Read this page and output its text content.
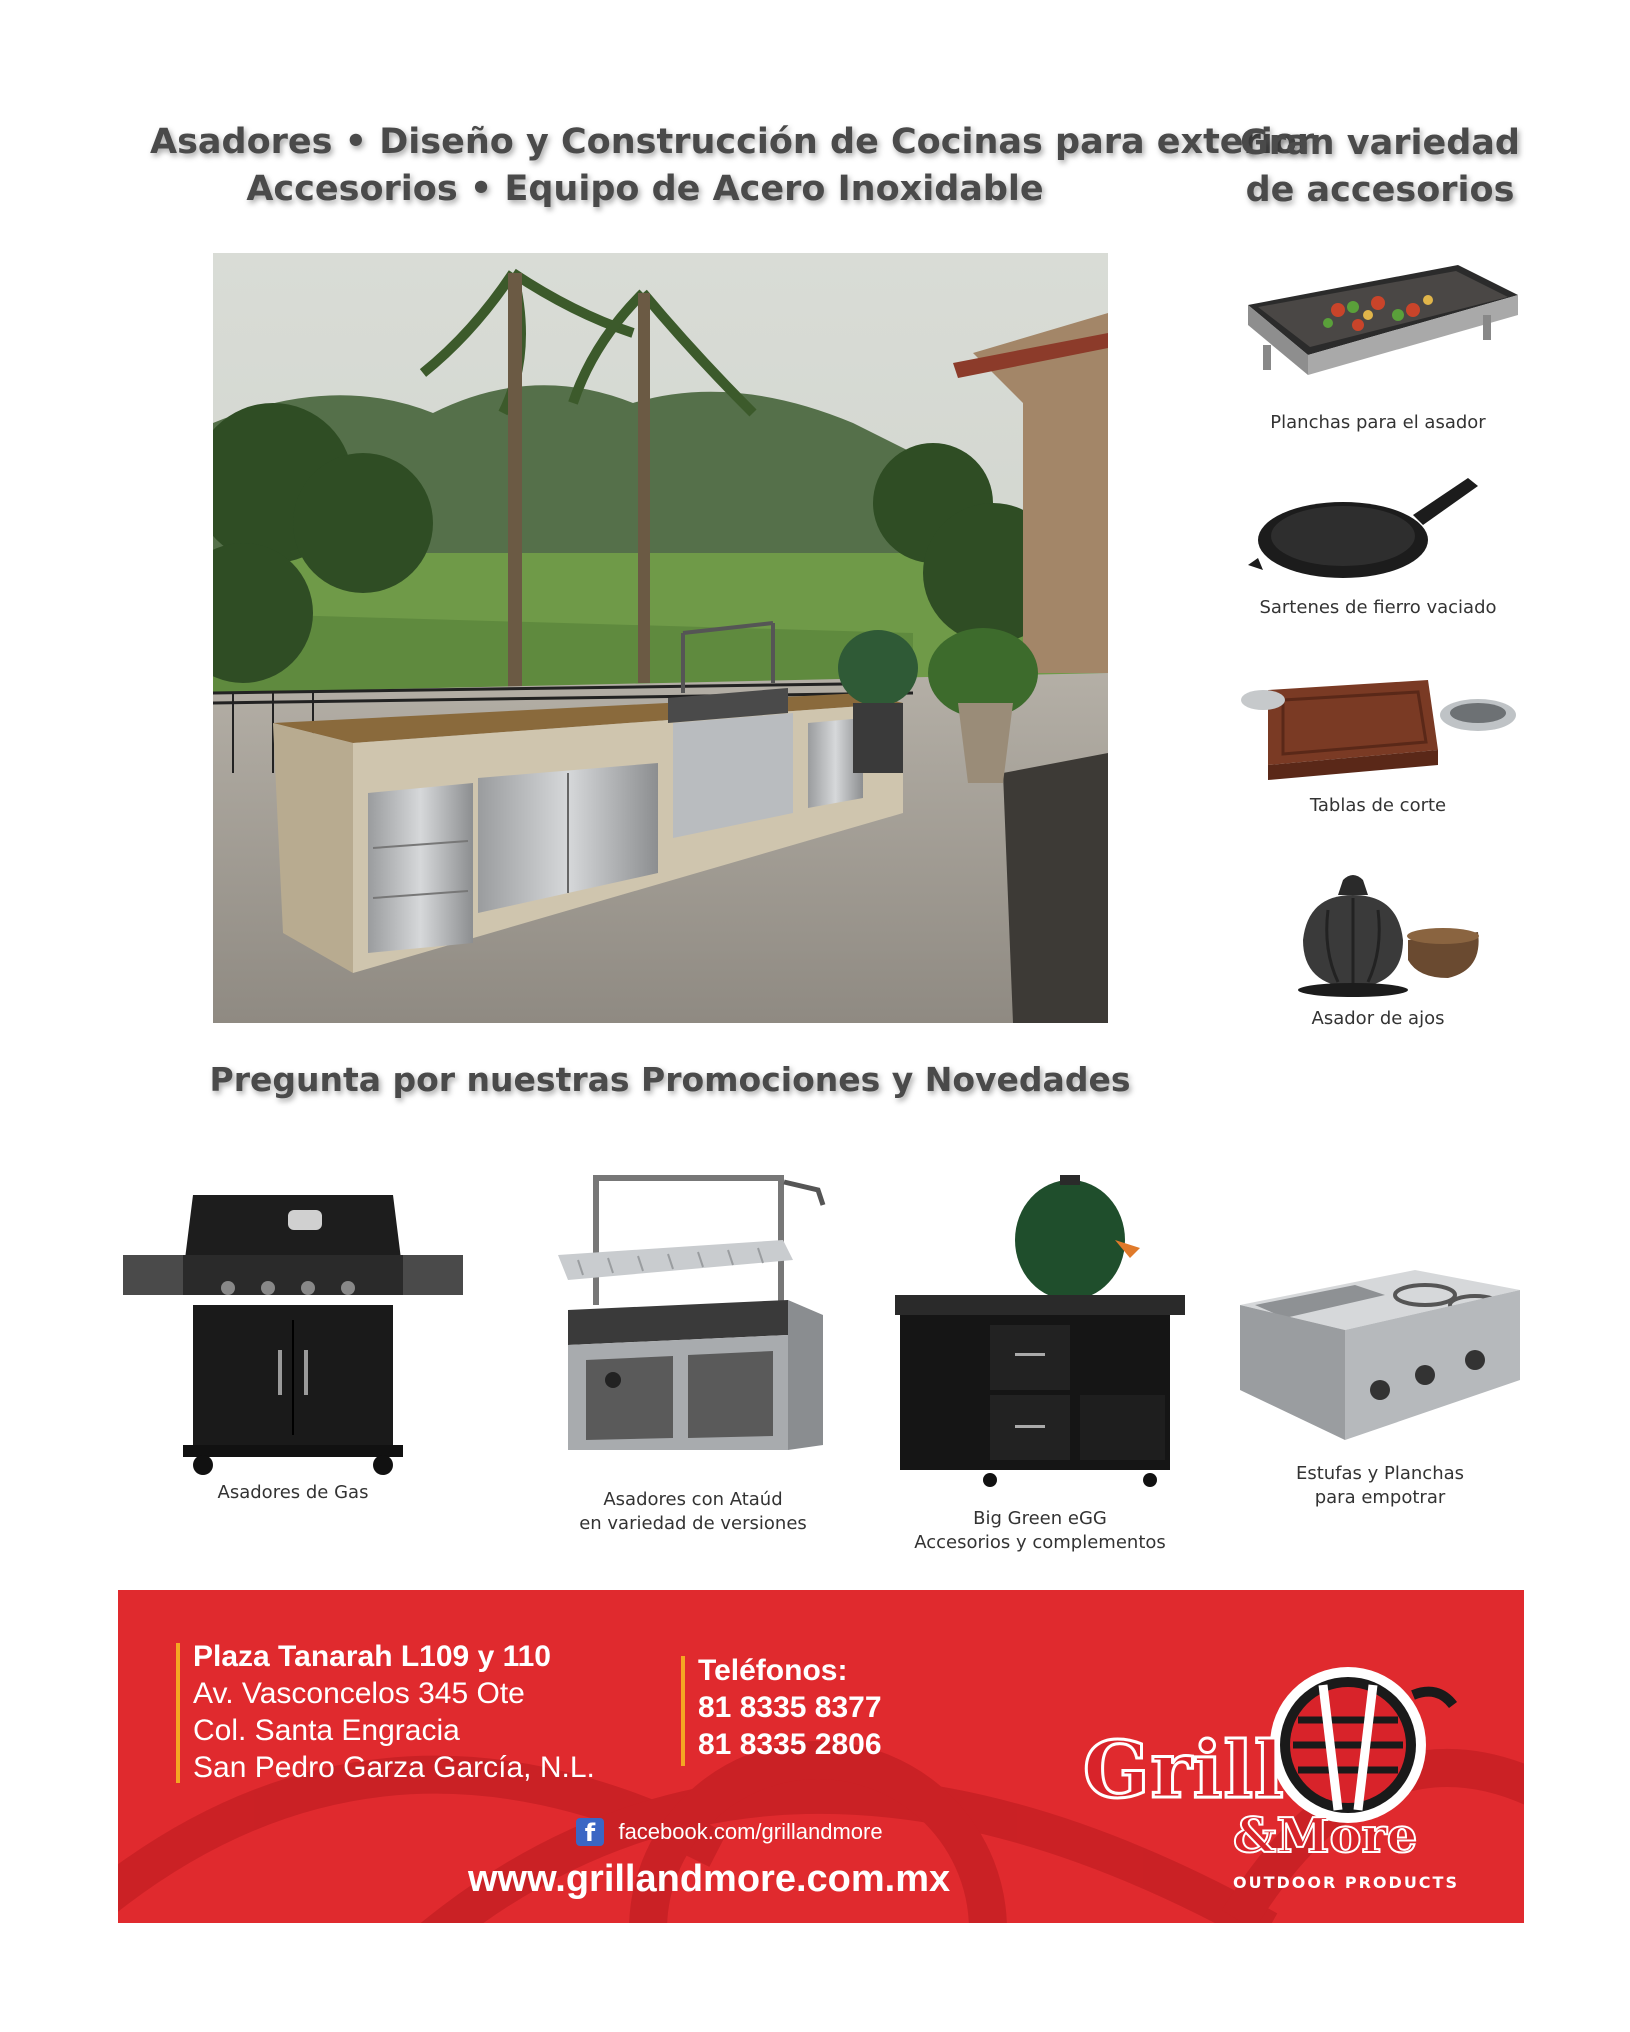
Asadores • Diseño y Construcción de Cocinas para exterior
Accesorios • Equipo de Acero Inoxidable
Gran variedad
de accesorios
Planchas para el asador
Sartenes de fierro vaciado
Tablas de corte
Asador de ajos
Pregunta por nuestras Promociones y Novedades
Asadores de Gas	Asadores con Ataúd
en variedad de versiones	Big Green eGG
Accesorios y complementos
Estufas y Planchas
para empotrar
Plaza Tanarah L109 y 110
Av. Vasconcelos 345 Ote
Col. Santa Engracia
San Pedro Garza García, N.L.
Teléfonos:
81 8335 8377
81 8335 2806
f facebook.com/grillandmore
www.grillandmore.com.mx
Grill
&More
OUTDOOR PRODUCTS
